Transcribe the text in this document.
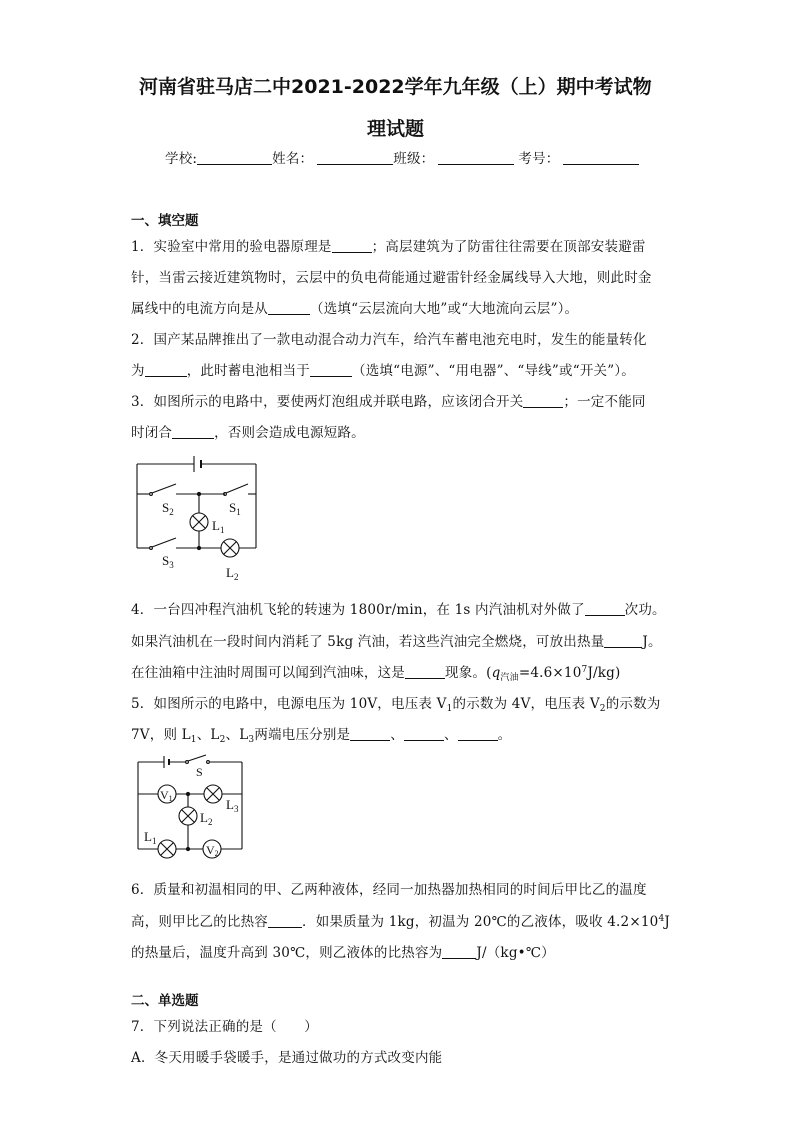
河南省驻马店二中2021-2022学年九年级（上）期中考试物
理试题
学校:	姓名：	班级：	考号：
一、填空题
1．实验室中常用的验电器原理是	；高层建筑为了防雷往往需要在顶部安装避雷
针，当雷云接近建筑物时，云层中的负电荷能通过避雷针经金属线导入大地，则此时金
属线中的电流方向是从	（选填“云层流向大地”或“大地流向云层”）。
2．国产某品牌推出了一款电动混合动力汽车，给汽车蓄电池充电时，发生的能量转化
为	，此时蓄电池相当于	（选填“电源”、“用电器”、“导线”或“开关”）。
3．如图所示的电路中，要使两灯泡组成并联电路，应该闭合开关	；一定不能同
时闭合	，否则会造成电源短路。
$S_2$	$S_1$
$L_1$
$S_3$	$L_2$
4．一台四冲程汽油机飞轮的转速为 1800r/min，在 1s 内汽油机对外做了	次功。
如果汽油机在一段时间内消耗了 5kg 汽油，若这些汽油完全燃烧，可放出热量	J。
在往油箱中注油时周围可以闻到汽油味，这是	现象。$(q_{汽油}=4.6\times 10^7J/kg)$
5．如图所示的电路中，电源电压为 10V，电压表 $V_1$的示数为 4V，电压表 $V_2$的示数为
7V，则 $L_1$、$L_2$、$L_3$两端电压分别是	、	、	。
V1
V2
S
$L_3$
$L_2$
$L_1$
6．质量和初温相同的甲、乙两种液体，经同一加热器加热相同的时间后甲比乙的温度
高，则甲比乙的比热容	．如果质量为 1kg，初温为 20℃的乙液体，吸收 $4.2\times 10^4J$
的热量后，温度升高到 30℃，则乙液体的比热容为	J/（kg•℃）
二、单选题
7．下列说法正确的是（　　）
A．冬天用暖手袋暖手，是通过做功的方式改变内能
